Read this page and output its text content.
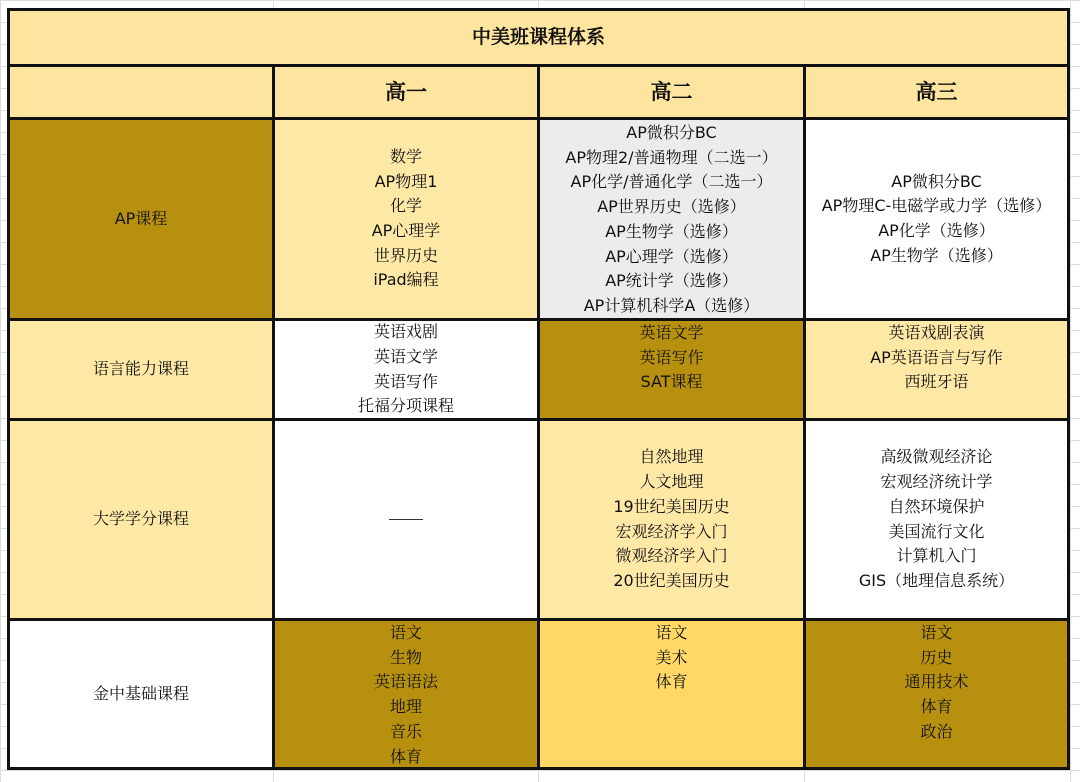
中美班课程体系
高一	高二	高三
AP课程
数学
AP物理1
化学
AP心理学
世界历史
iPad编程
AP微积分BC
AP物理2/普通物理（二选一）
AP化学/普通化学（二选一）
AP世界历史（选修）
AP生物学（选修）
AP心理学（选修）
AP统计学（选修）
AP计算机科学A（选修）
AP微积分BC
AP物理C-电磁学或力学（选修）
AP化学（选修）
AP生物学（选修）
语言能力课程
英语戏剧
英语文学
英语写作
托福分项课程
英语文学
英语写作
SAT课程
英语戏剧表演
AP英语语言与写作
西班牙语
大学学分课程
自然地理
人文地理
19世纪美国历史
宏观经济学入门
微观经济学入门
20世纪美国历史
高级微观经济论
宏观经济统计学
自然环境保护
美国流行文化
计算机入门
GIS（地理信息系统）
金中基础课程
语文
生物
英语语法
地理
音乐
体育
语文
美术
体育
语文
历史
通用技术
体育
政治
